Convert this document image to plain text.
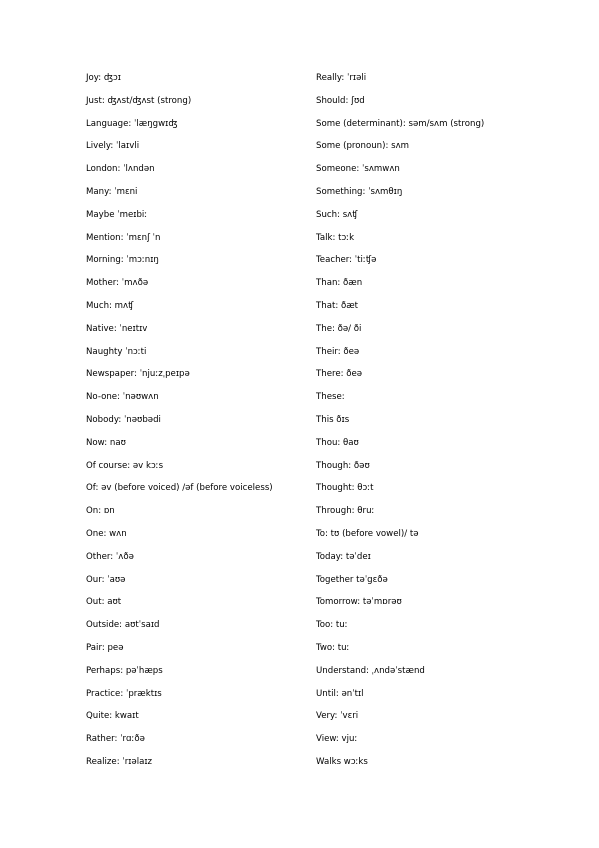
Joy: ʤɔɪ
Just: ʤʌst/ʤʌst (strong)
Language: ˈlæŋgwɪʤ
Lively: ˈlaɪvli
London: ˈlʌndən
Many: ˈmɛni
Maybe ˈmeɪbiː
Mention: ˈmɛnʃ ˈn
Morning: ˈmɔːnɪŋ
Mother: ˈmʌðə
Much: mʌʧ
Native: ˈneɪtɪv
Naughty ˈnɔːti
Newspaper: ˈnjuːzˌpeɪpə
No-one: ˈnəʊwʌn
Nobody: ˈnəʊbədi
Now: naʊ
Of course: əv kɔːs
Of: əv (before voiced) /əf (before voiceless)
On: ɒn
One: wʌn
Other: ˈʌðə
Our: ˈaʊə
Out: aʊt
Outside: aʊtˈsaɪd
Pair: peə
Perhaps: pəˈhæps
Practice: ˈpræktɪs
Quite: kwaɪt
Rather: ˈrɑːðə
Realize: ˈrɪəlaɪz
Really: ˈrɪəli
Should: ʃʊd
Some (determinant): səm/sʌm (strong)
Some (pronoun): sʌm
Someone: ˈsʌmwʌn
Something: ˈsʌmθɪŋ
Such: sʌʧ
Talk: tɔːk
Teacher: ˈtiːʧə
Than: ðæn
That: ðæt
The: ðə/ ði
Their: ðeə
There: ðeə
These:
This ðɪs
Thou: θaʊ
Though: ðəʊ
Thought: θɔːt
Through: θruː
To: tʊ (before vowel)/ tə
Today: təˈdeɪ
Together təˈgɛðə
Tomorrow: təˈmɒrəʊ
Too: tuː
Two: tuː
Understand: ˌʌndəˈstænd
Until: ənˈtɪl
Very: ˈvɛri
View: vjuː
Walks wɔːks
